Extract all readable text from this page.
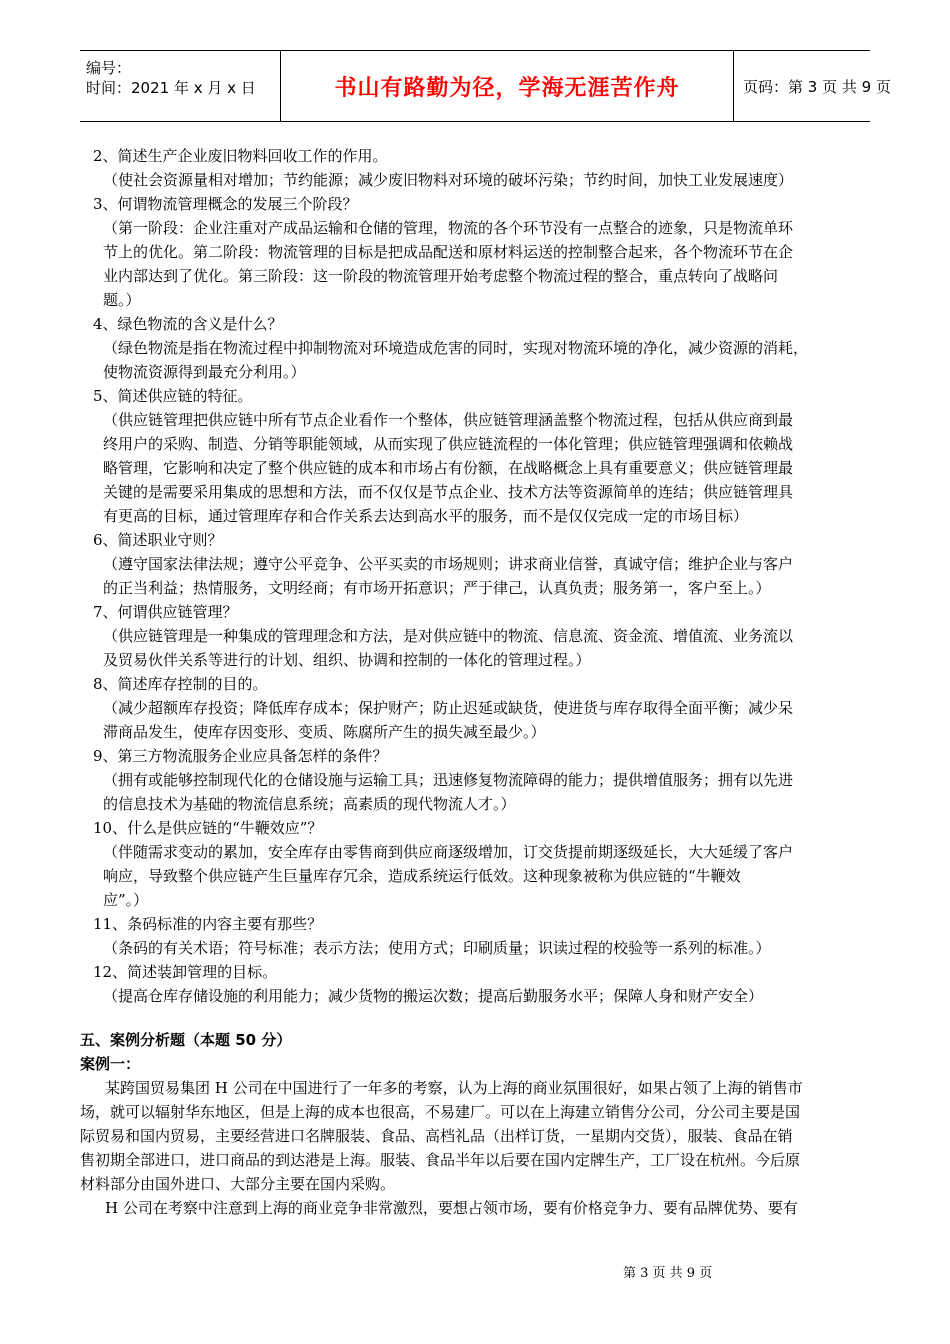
编号：
时间：2021 年 x 月 x 日	书山有路勤为径，学海无涯苦作舟	页码：第 3 页 共 9 页
2、简述生产企业废旧物料回收工作的作用。
（使社会资源量相对增加；节约能源；减少废旧物料对环境的破坏污染；节约时间，加快工业发展速度）
3、何谓物流管理概念的发展三个阶段？
（第一阶段：企业注重对产成品运输和仓储的管理，物流的各个环节没有一点整合的迹象，只是物流单环
节上的优化。第二阶段：物流管理的目标是把成品配送和原材料运送的控制整合起来，各个物流环节在企
业内部达到了优化。第三阶段：这一阶段的物流管理开始考虑整个物流过程的整合，重点转向了战略问
题。）
4、绿色物流的含义是什么？
（绿色物流是指在物流过程中抑制物流对环境造成危害的同时，实现对物流环境的净化，减少资源的消耗，
使物流资源得到最充分利用。）
5、简述供应链的特征。
（供应链管理把供应链中所有节点企业看作一个整体，供应链管理涵盖整个物流过程，包括从供应商到最
终用户的采购、制造、分销等职能领域，从而实现了供应链流程的一体化管理；供应链管理强调和依赖战
略管理，它影响和决定了整个供应链的成本和市场占有份额，在战略概念上具有重要意义；供应链管理最
关键的是需要采用集成的思想和方法，而不仅仅是节点企业、技术方法等资源简单的连结；供应链管理具
有更高的目标，通过管理库存和合作关系去达到高水平的服务，而不是仅仅完成一定的市场目标）
6、简述职业守则？
（遵守国家法律法规；遵守公平竞争、公平买卖的市场规则；讲求商业信誉，真诚守信；维护企业与客户
的正当利益；热情服务，文明经商；有市场开拓意识；严于律己，认真负责；服务第一，客户至上。）
7、何谓供应链管理？
（供应链管理是一种集成的管理理念和方法，是对供应链中的物流、信息流、资金流、增值流、业务流以
及贸易伙伴关系等进行的计划、组织、协调和控制的一体化的管理过程。）
8、简述库存控制的目的。
（减少超额库存投资；降低库存成本；保护财产；防止迟延或缺货，使进货与库存取得全面平衡；减少呆
滞商品发生，使库存因变形、变质、陈腐所产生的损失减至最少。）
9、第三方物流服务企业应具备怎样的条件？
（拥有或能够控制现代化的仓储设施与运输工具；迅速修复物流障碍的能力；提供增值服务；拥有以先进
的信息技术为基础的物流信息系统；高素质的现代物流人才。）
10、什么是供应链的“牛鞭效应”？
（伴随需求变动的累加，安全库存由零售商到供应商逐级增加，订交货提前期逐级延长，大大延缓了客户
响应，导致整个供应链产生巨量库存冗余，造成系统运行低效。这种现象被称为供应链的“牛鞭效
应”。）
11、条码标准的内容主要有那些？
（条码的有关术语；符号标准；表示方法；使用方式；印刷质量；识读过程的校验等一系列的标准。）
12、简述装卸管理的目标。
（提高仓库存储设施的利用能力；减少货物的搬运次数；提高后勤服务水平；保障人身和财产安全）
五、案例分析题（本题 50 分）
案例一：
某跨国贸易集团 H 公司在中国进行了一年多的考察，认为上海的商业氛围很好，如果占领了上海的销售市
场，就可以辐射华东地区，但是上海的成本也很高，不易建厂。可以在上海建立销售分公司，分公司主要是国
际贸易和国内贸易，主要经营进口名牌服装、食品、高档礼品（出样订货，一星期内交货），服装、食品在销
售初期全部进口，进口商品的到达港是上海。服装、食品半年以后要在国内定牌生产，工厂设在杭州。今后原
材料部分由国外进口、大部分主要在国内采购。
H 公司在考察中注意到上海的商业竞争非常激烈，要想占领市场，要有价格竞争力、要有品牌优势、要有
第 3 页 共 9 页
